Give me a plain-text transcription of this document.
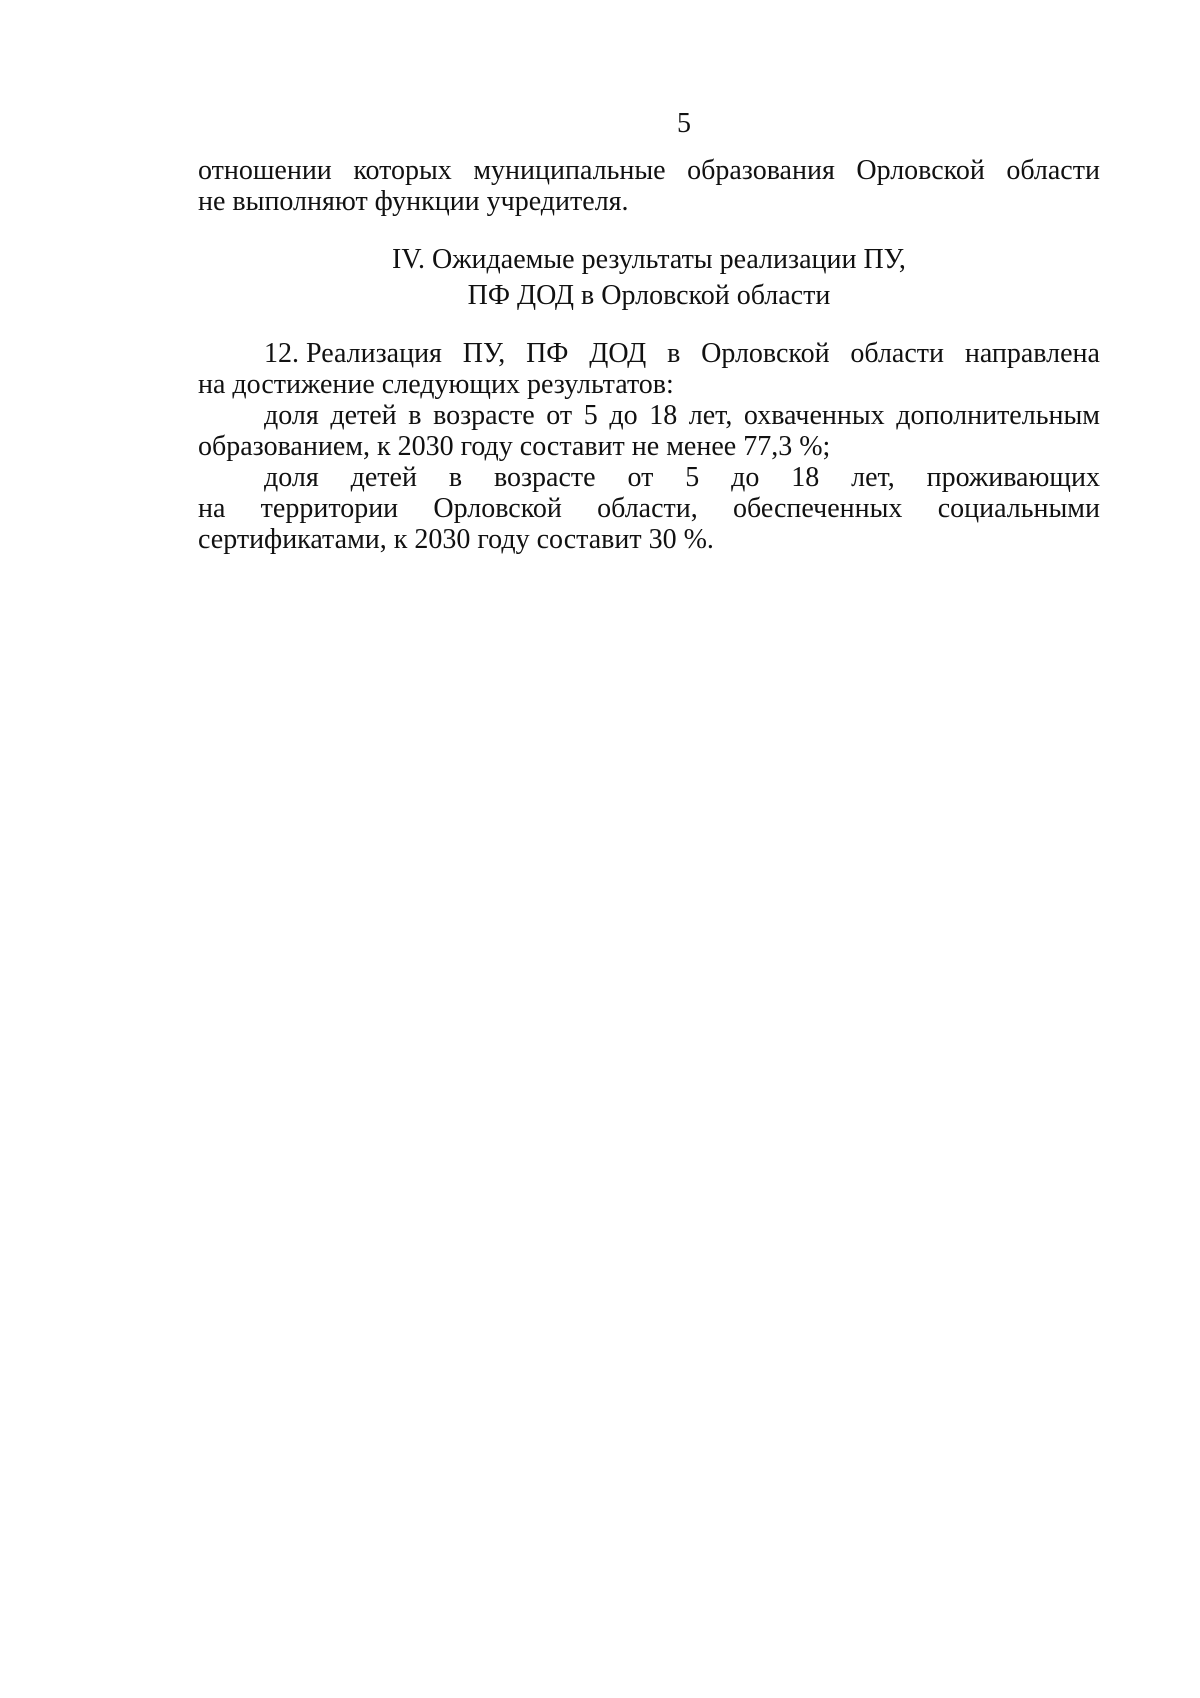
5
отношении которых муниципальные образования Орловской области
не выполняют функции учредителя.
IV. Ожидаемые результаты реализации ПУ,
ПФ ДОД в Орловской области
12. Реализация ПУ, ПФ ДОД в Орловской области направлена
на достижение следующих результатов:
доля детей в возрасте от 5 до 18 лет, охваченных дополнительным
образованием, к 2030 году составит не менее 77,3 %;
доля детей в возрасте от 5 до 18 лет, проживающих
на территории Орловской области, обеспеченных социальными
сертификатами, к 2030 году составит 30 %.
